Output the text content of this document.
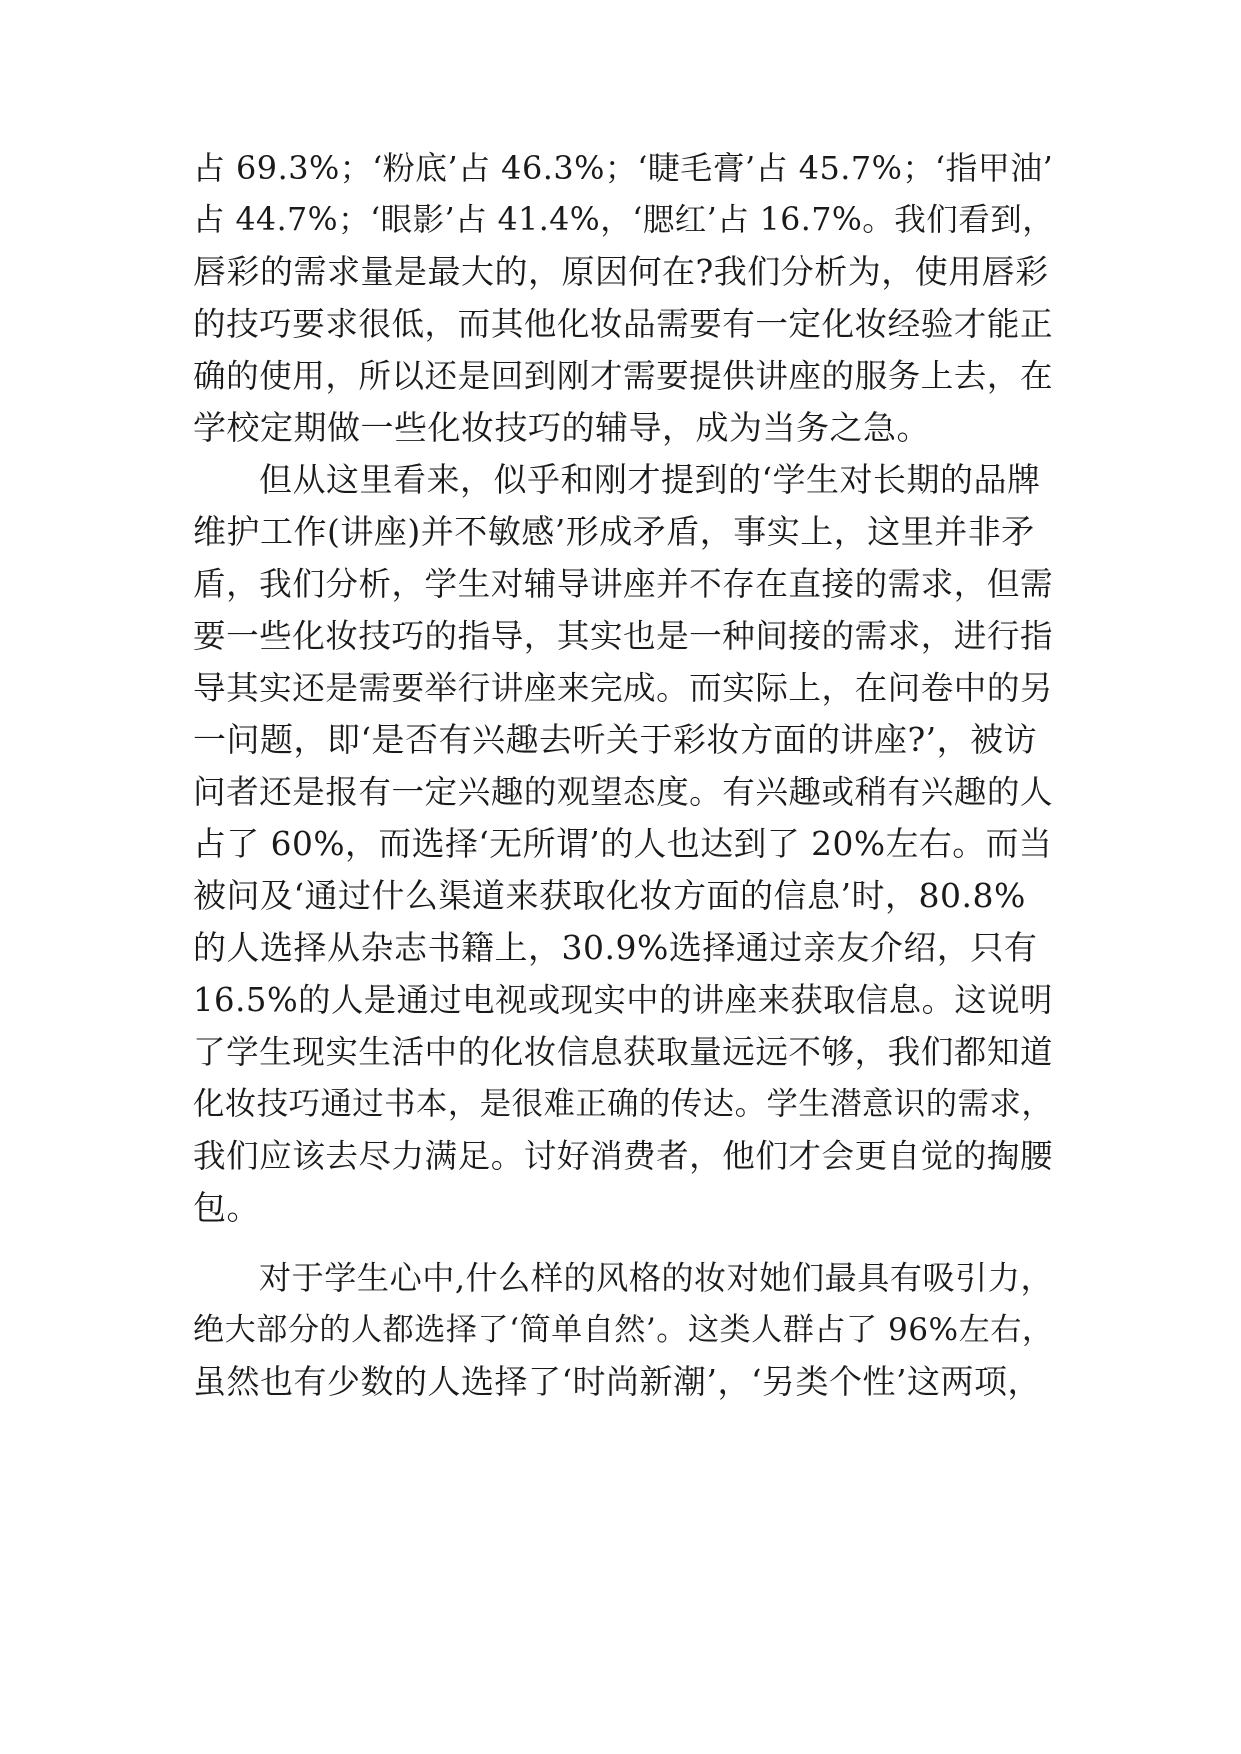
占 69.3%；‘粉底’占 46.3%；‘睫毛膏’占 45.7%；‘指甲油’
占 44.7%；‘眼影’占 41.4%，‘腮红’占 16.7%。我们看到，
唇彩的需求量是最大的，原因何在?我们分析为，使用唇彩
的技巧要求很低，而其他化妆品需要有一定化妆经验才能正
确的使用，所以还是回到刚才需要提供讲座的服务上去，在
学校定期做一些化妆技巧的辅导，成为当务之急。
但从这里看来，似乎和刚才提到的‘学生对长期的品牌
维护工作(讲座)并不敏感’形成矛盾，事实上，这里并非矛
盾，我们分析，学生对辅导讲座并不存在直接的需求，但需
要一些化妆技巧的指导，其实也是一种间接的需求，进行指
导其实还是需要举行讲座来完成。而实际上，在问卷中的另
一问题，即‘是否有兴趣去听关于彩妆方面的讲座?’，被访
问者还是报有一定兴趣的观望态度。有兴趣或稍有兴趣的人
占了 60%，而选择‘无所谓’的人也达到了 20%左右。而当
被问及‘通过什么渠道来获取化妆方面的信息’时，80.8%
的人选择从杂志书籍上，30.9%选择通过亲友介绍，只有
16.5%的人是通过电视或现实中的讲座来获取信息。这说明
了学生现实生活中的化妆信息获取量远远不够，我们都知道
化妆技巧通过书本，是很难正确的传达。学生潜意识的需求，
我们应该去尽力满足。讨好消费者，他们才会更自觉的掏腰
包。
对于学生心中,什么样的风格的妆对她们最具有吸引力，
绝大部分的人都选择了‘简单自然’。这类人群占了 96%左右，
虽然也有少数的人选择了‘时尚新潮’，‘另类个性’这两项，
